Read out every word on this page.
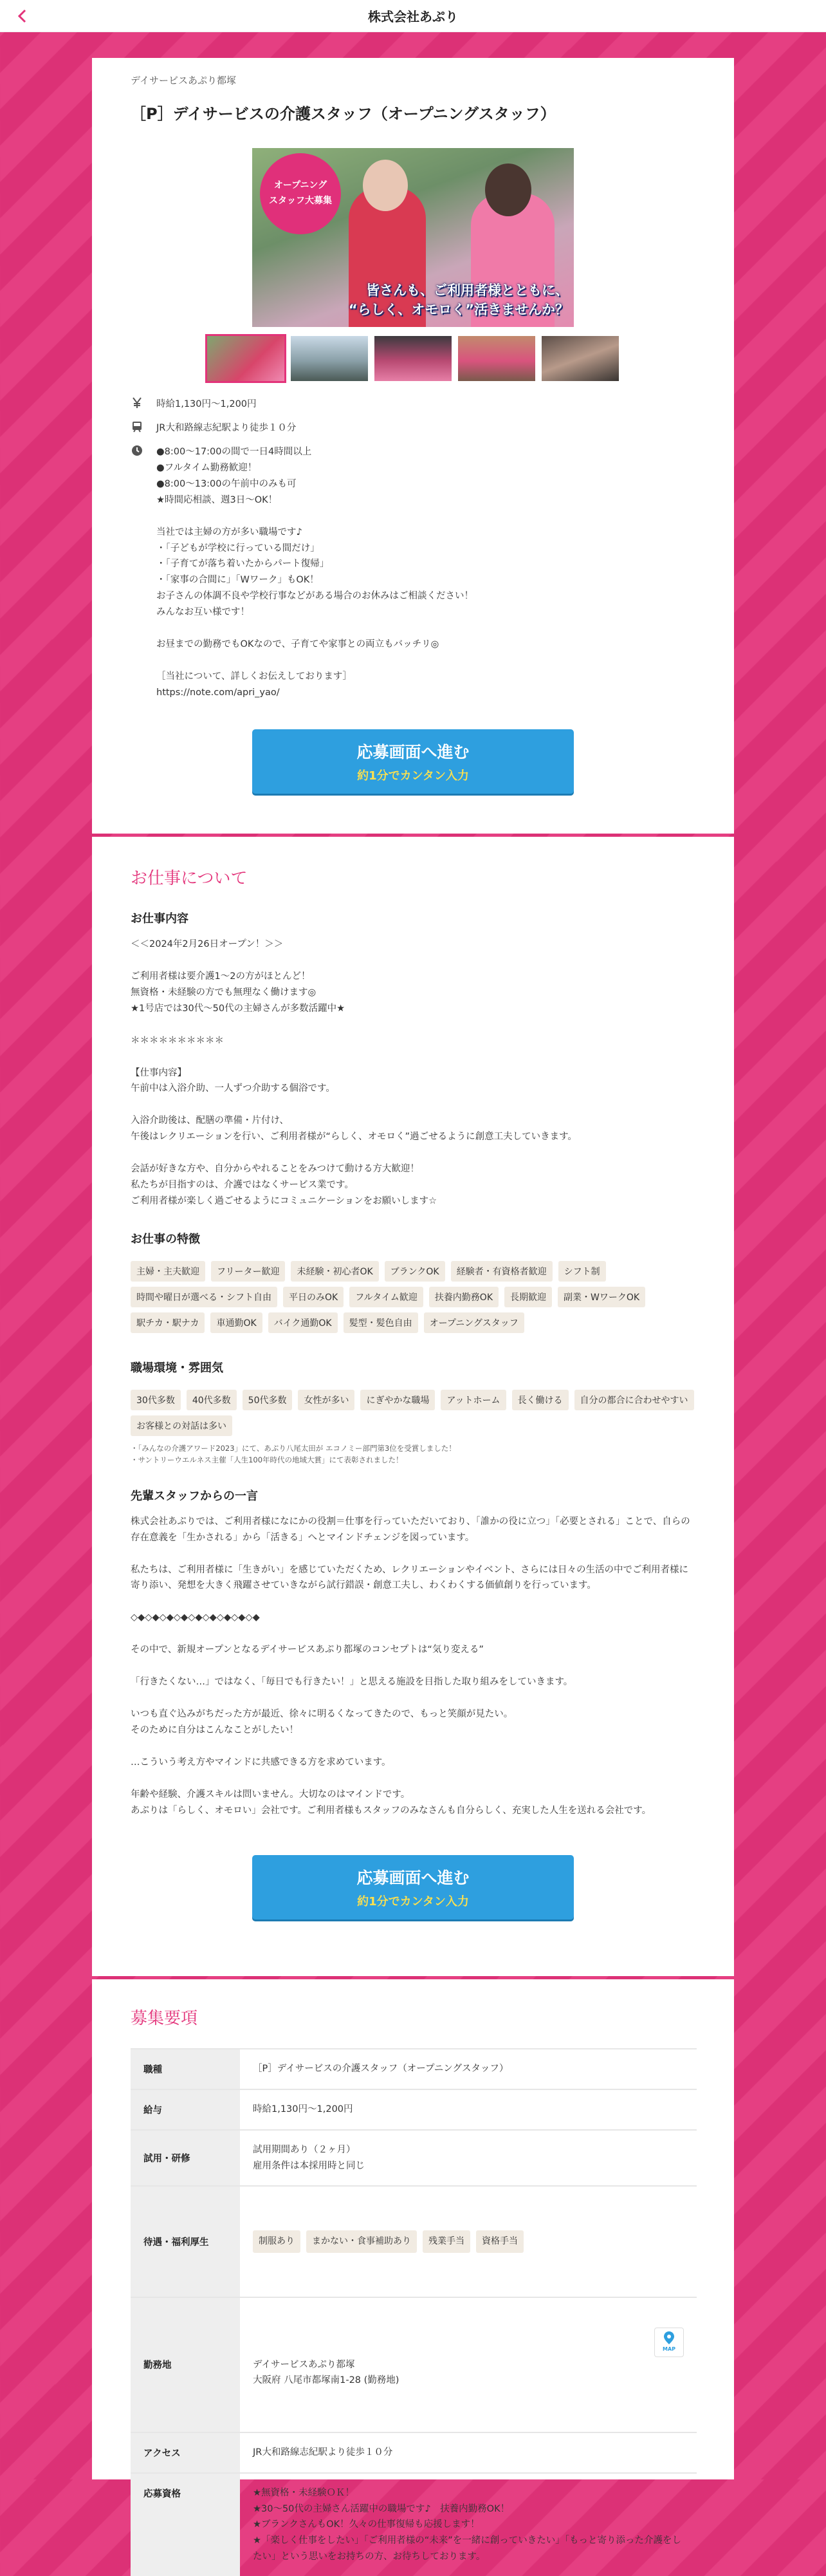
株式会社あぷり
デイサービスあぷり都塚
［P］デイサービスの介護スタッフ（オープニングスタッフ）
オープニング
スタッフ大募集
皆さんも、ご利用者様とともに、
“らしく、オモロく”活きませんか？
時給1,130円～1,200円
JR大和路線志紀駅より徒歩１０分
●8:00～17:00の間で一日4時間以上
●フルタイム勤務歓迎！
●8:00～13:00の午前中のみも可
★時間応相談、週3日～OK！

当社では主婦の方が多い職場です♪
・「子どもが学校に行っている間だけ」
・「子育てが落ち着いたからパート復帰」
・「家事の合間に」「Wワーク」もOK！
お子さんの体調不良や学校行事などがある場合のお休みはご相談ください！
みんなお互い様です！

お昼までの勤務でもOKなので、子育てや家事との両立もバッチリ◎

［当社について、詳しくお伝えしております］
https://note.com/apri_yao/
応募画面へ進む
約1分でカンタン入力
お仕事について
お仕事内容
＜＜2024年2月26日オープン！＞＞

ご利用者様は要介護1～2の方がほとんど！
無資格・未経験の方でも無理なく働けます◎
★1号店では30代～50代の主婦さんが多数活躍中★

＊＊＊＊＊＊＊＊＊＊

【仕事内容】
午前中は入浴介助、一人ずつ介助する個浴です。

入浴介助後は、配膳の準備・片付け、
午後はレクリエーションを行い、ご利用者様が“らしく、オモロく”過ごせるように創意工夫していきます。

会話が好きな方や、自分からやれることをみつけて動ける方大歓迎！
私たちが目指すのは、介護ではなくサービス業です。
ご利用者様が楽しく過ごせるようにコミュニケーションをお願いします☆
お仕事の特徴
主婦・主夫歓迎	フリーター歓迎	未経験・初心者OK	ブランクOK	経験者・有資格者歓迎	シフト制
時間や曜日が選べる・シフト自由	平日のみOK	フルタイム歓迎	扶養内勤務OK	長期歓迎	副業・WワークOK
駅チカ・駅ナカ	車通勤OK	バイク通勤OK	髪型・髪色自由	オープニングスタッフ
職場環境・雰囲気
30代多数	40代多数	50代多数	女性が多い	にぎやかな職場	アットホーム	長く働ける	自分の都合に合わせやすい
お客様との対話は多い
・「みんなの介護アワード2023」にて、あぷり八尾太田が エコノミー部門第3位を受賞しました！
・サントリーウエルネス主催「人生100年時代の地域大賞」にて表彰されました！
先輩スタッフからの一言
株式会社あぷりでは、ご利用者様になにかの役割＝仕事を行っていただいており、「誰かの役に立つ」「必要とされる」ことで、自らの存在意義を「生かされる」から「活きる」へとマインドチェンジを図っています。

私たちは、ご利用者様に「生きがい」を感じていただくため、レクリエーションやイベント、さらには日々の生活の中でご利用者様に寄り添い、発想を大きく飛躍させていきながら試行錯誤・創意工夫し、わくわくする価値創りを行っています。

◇◆◇◆◇◆◇◆◇◆◇◆◇◆◇◆◇◆

その中で、新規オープンとなるデイサービスあぷり都塚のコンセプトは“気り変える”

「行きたくない…」ではなく、「毎日でも行きたい！」と思える施設を目指した取り組みをしていきます。

いつも直ぐ込みがちだった方が最近、徐々に明るくなってきたので、もっと笑顔が見たい。
そのために自分はこんなことがしたい！

…こういう考え方やマインドに共感できる方を求めています。

年齢や経験、介護スキルは問いません。大切なのはマインドです。
あぷりは「らしく、オモロい」会社です。ご利用者様もスタッフのみなさんも自分らしく、充実した人生を送れる会社です。
応募画面へ進む
約1分でカンタン入力
募集要項
職種	［P］デイサービスの介護スタッフ（オープニングスタッフ）
給与	時給1,130円～1,200円
試用・研修	試用期間あり（２ヶ月）
雇用条件は本採用時と同じ
待遇・福利厚生	制服あり まかない・食事補助あり 残業手当 資格手当

勤務地	MAP

デイサービスあぷり都塚
大阪府 八尾市都塚南1-28 (勤務地)

アクセス	JR大和路線志紀駅より徒歩１０分
応募資格	★無資格・未経験ＯＫ！
★30～50代の主婦さん活躍中の職場です♪　扶養内勤務OK！
★ブランクさんもOK！久々の仕事復帰も応援します！
★「楽しく仕事をしたい」「ご利用者様の“未来”を一緒に創っていきたい」「もっと寄り添った介護をしたい」という思いをお持ちの方、お待ちしております。
